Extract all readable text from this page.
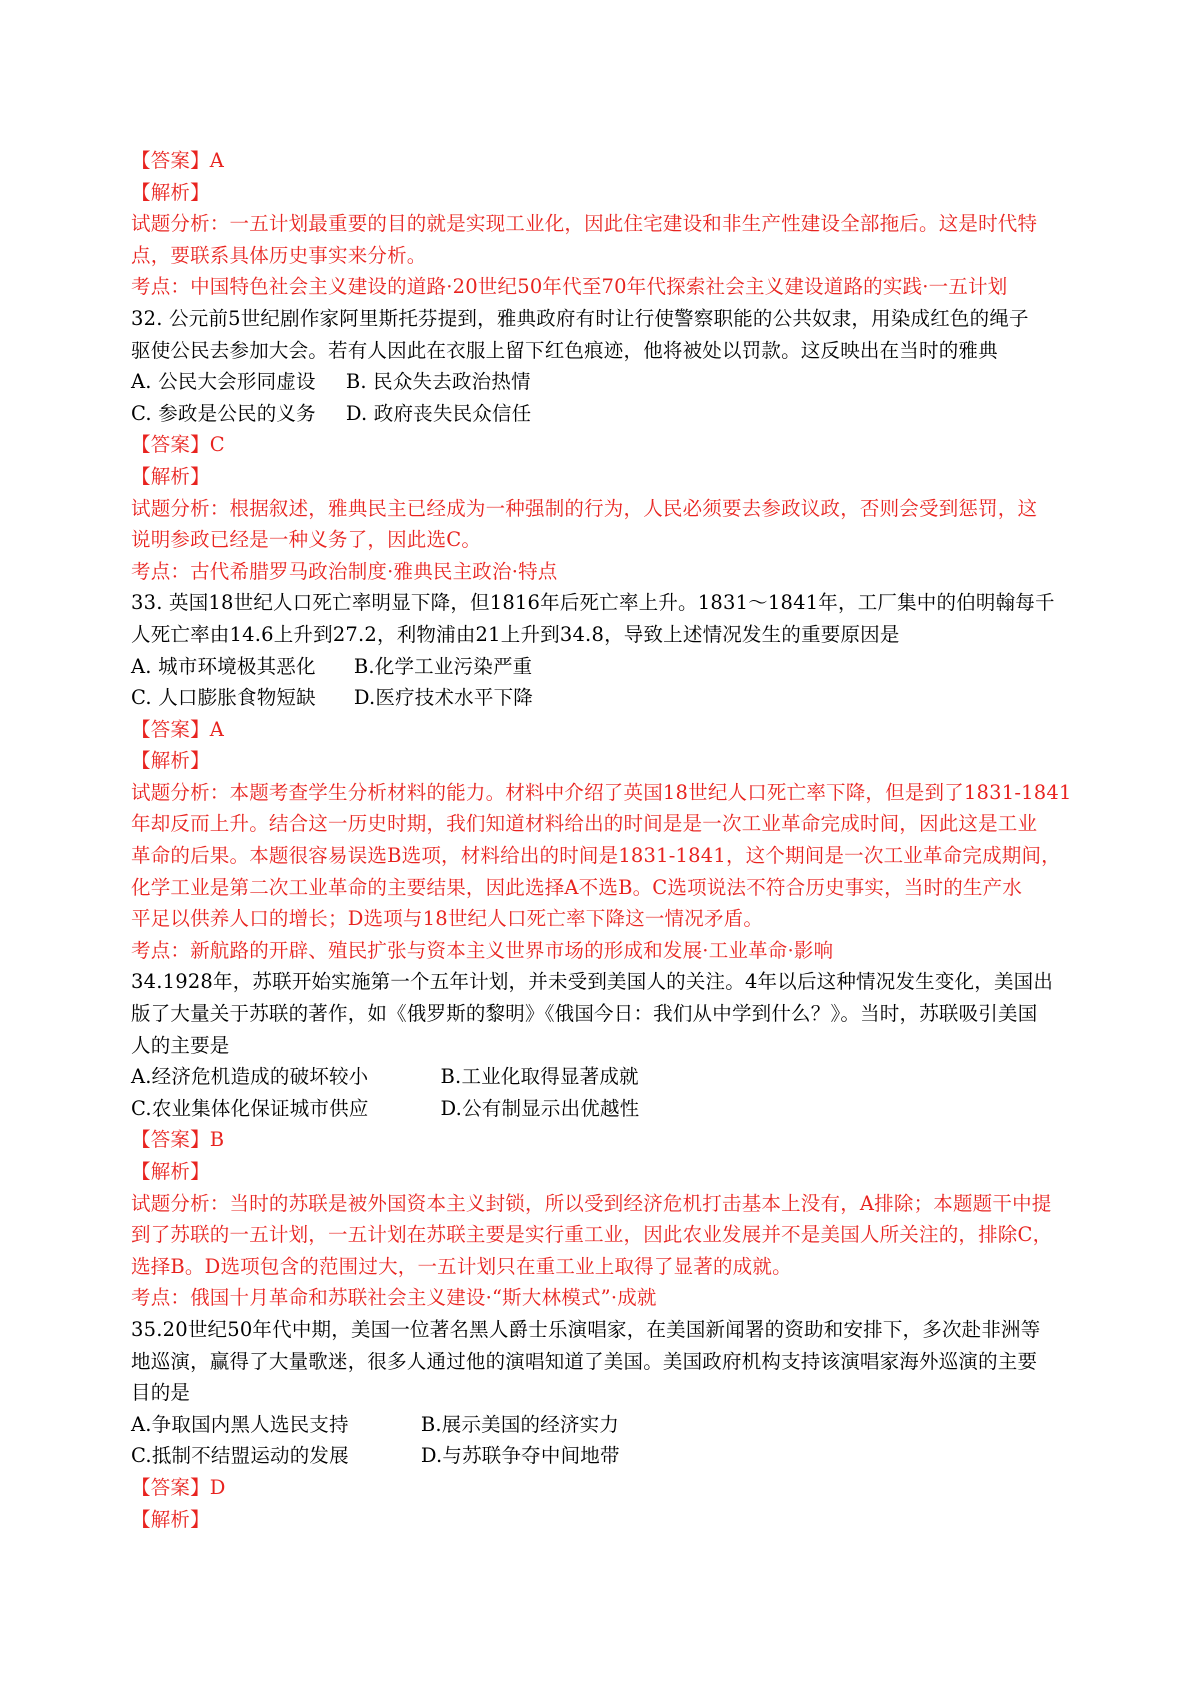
【答案】A
【解析】
试题分析：一五计划最重要的目的就是实现工业化，因此住宅建设和非生产性建设全部拖后。这是时代特
点，要联系具体历史事实来分析。
考点：中国特色社会主义建设的道路·20世纪50年代至70年代探索社会主义建设道路的实践·一五计划
32. 公元前5世纪剧作家阿里斯托芬提到，雅典政府有时让行使警察职能的公共奴隶，用染成红色的绳子
驱使公民去参加大会。若有人因此在衣服上留下红色痕迹，他将被处以罚款。这反映出在当时的雅典
A. 公民大会形同虚设 B. 民众失去政治热情
C. 参政是公民的义务 D. 政府丧失民众信任
【答案】C
【解析】
试题分析：根据叙述，雅典民主已经成为一种强制的行为，人民必须要去参政议政，否则会受到惩罚，这
说明参政已经是一种义务了，因此选C。
考点：古代希腊罗马政治制度·雅典民主政治·特点
33. 英国18世纪人口死亡率明显下降，但1816年后死亡率上升。1831～1841年，工厂集中的伯明翰每千
人死亡率由14.6上升到27.2，利物浦由21上升到34.8，导致上述情况发生的重要原因是
A. 城市环境极其恶化 B.化学工业污染严重
C. 人口膨胀食物短缺 D.医疗技术水平下降
【答案】A
【解析】
试题分析：本题考查学生分析材料的能力。材料中介绍了英国18世纪人口死亡率下降，但是到了1831-1841
年却反而上升。结合这一历史时期，我们知道材料给出的时间是是一次工业革命完成时间，因此这是工业
革命的后果。本题很容易误选B选项，材料给出的时间是1831-1841，这个期间是一次工业革命完成期间，
化学工业是第二次工业革命的主要结果，因此选择A不选B。C选项说法不符合历史事实，当时的生产水
平足以供养人口的增长；D选项与18世纪人口死亡率下降这一情况矛盾。
考点：新航路的开辟、殖民扩张与资本主义世界市场的形成和发展·工业革命·影响
34.1928年，苏联开始实施第一个五年计划，并未受到美国人的关注。4年以后这种情况发生变化，美国出
版了大量关于苏联的著作，如《俄罗斯的黎明》《俄国今日：我们从中学到什么？》。当时，苏联吸引美国
人的主要是
A.经济危机造成的破坏较小	B.工业化取得显著成就
C.农业集体化保证城市供应	D.公有制显示出优越性
【答案】B
【解析】
试题分析：当时的苏联是被外国资本主义封锁，所以受到经济危机打击基本上没有，A排除；本题题干中提
到了苏联的一五计划，一五计划在苏联主要是实行重工业，因此农业发展并不是美国人所关注的，排除C，
选择B。D选项包含的范围过大，一五计划只在重工业上取得了显著的成就。
考点：俄国十月革命和苏联社会主义建设·“斯大林模式”·成就
35.20世纪50年代中期，美国一位著名黑人爵士乐演唱家，在美国新闻署的资助和安排下，多次赴非洲等
地巡演，赢得了大量歌迷，很多人通过他的演唱知道了美国。美国政府机构支持该演唱家海外巡演的主要
目的是
A.争取国内黑人选民支持	B.展示美国的经济实力
C.抵制不结盟运动的发展	D.与苏联争夺中间地带
【答案】D
【解析】
